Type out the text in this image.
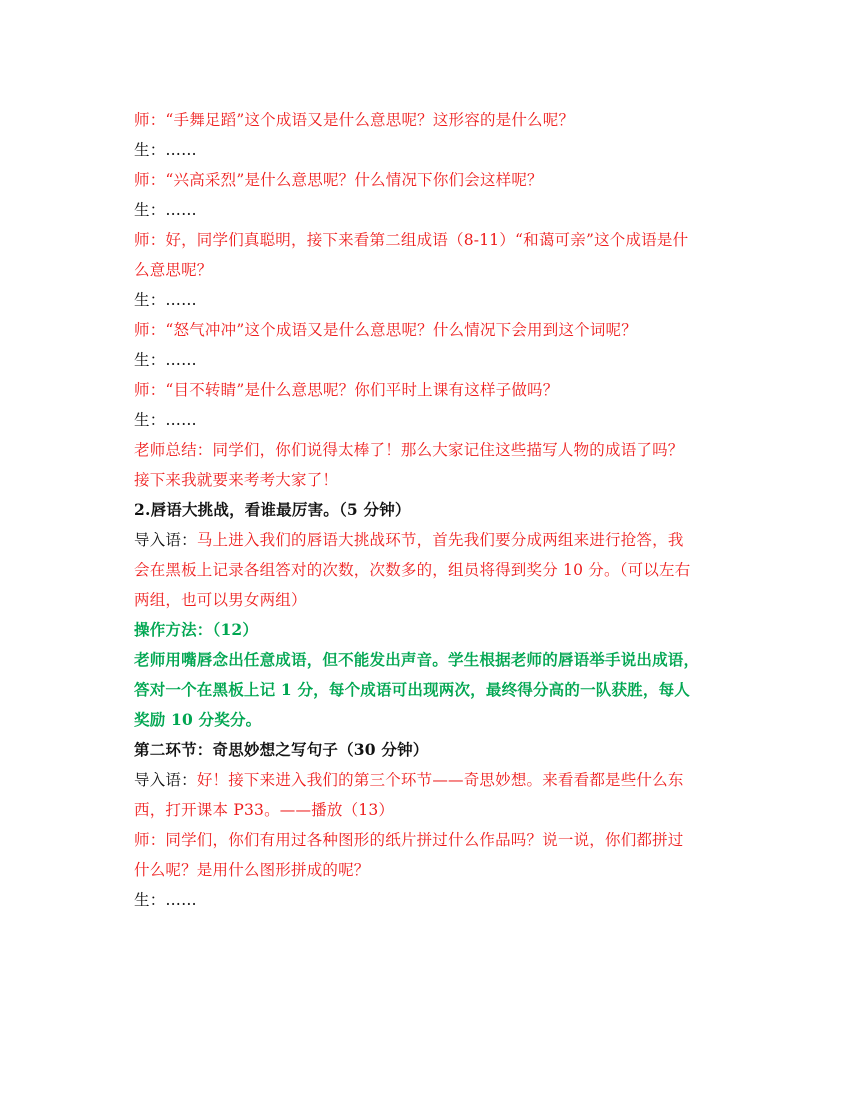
师：“手舞足蹈”这个成语又是什么意思呢？这形容的是什么呢？
生：……
师：“兴高采烈”是什么意思呢？什么情况下你们会这样呢？
生：……
师：好，同学们真聪明，接下来看第二组成语（8-11）“和蔼可亲”这个成语是什
么意思呢？
生：……
师：“怒气冲冲”这个成语又是什么意思呢？什么情况下会用到这个词呢？
生：……
师：“目不转睛”是什么意思呢？你们平时上课有这样子做吗？
生：……
老师总结：同学们，你们说得太棒了！那么大家记住这些描写人物的成语了吗？
接下来我就要来考考大家了！
2.唇语大挑战，看谁最厉害。（5 分钟）
导入语：马上进入我们的唇语大挑战环节，首先我们要分成两组来进行抢答，我
会在黑板上记录各组答对的次数，次数多的，组员将得到奖分 10 分。（可以左右
两组，也可以男女两组）
操作方法：（12）
老师用嘴唇念出任意成语，但不能发出声音。学生根据老师的唇语举手说出成语，
答对一个在黑板上记 1 分，每个成语可出现两次，最终得分高的一队获胜，每人
奖励 10 分奖分。
第二环节：奇思妙想之写句子（30 分钟）
导入语：好！接下来进入我们的第三个环节——奇思妙想。来看看都是些什么东
西，打开课本 P33。——播放（13）
师：同学们，你们有用过各种图形的纸片拼过什么作品吗？说一说，你们都拼过
什么呢？是用什么图形拼成的呢？
生：……
